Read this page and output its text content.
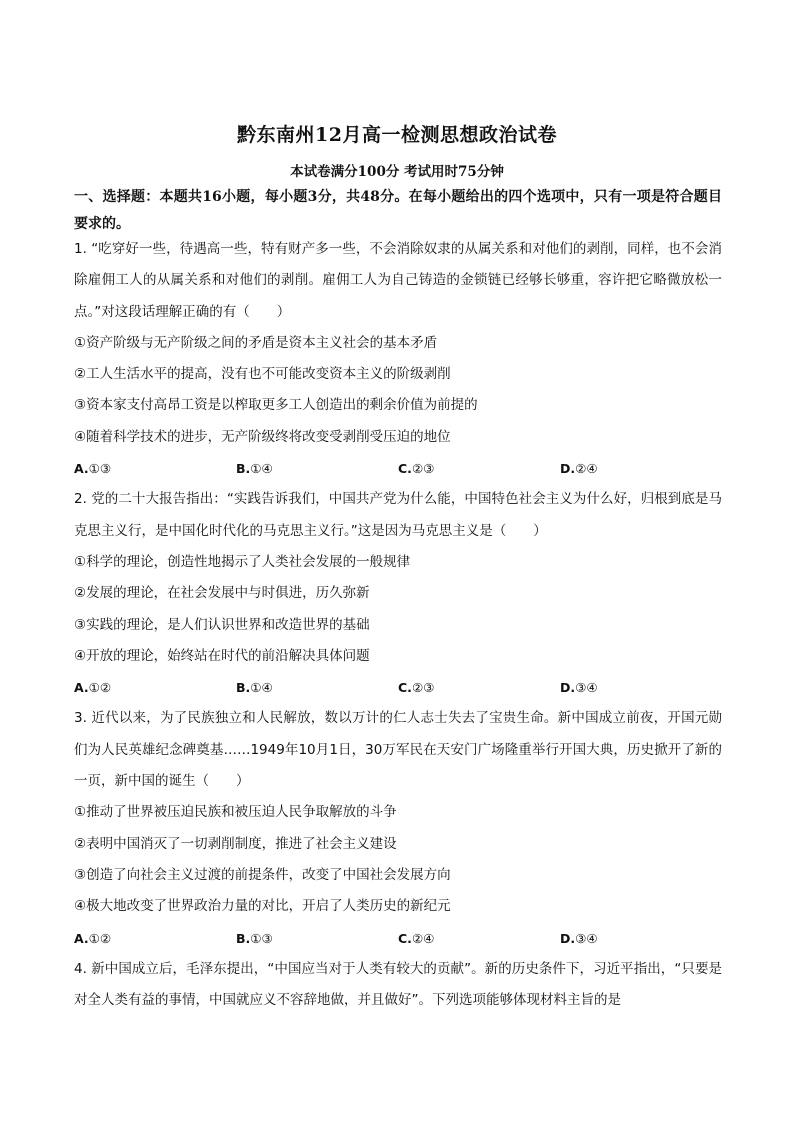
黔东南州12月高一检测思想政治试卷
本试卷满分100分 考试用时75分钟
一、选择题：本题共16小题，每小题3分，共48分。在每小题给出的四个选项中，只有一项是符合题目要求的。

1. “吃穿好一些，待遇高一些，特有财产多一些，不会消除奴隶的从属关系和对他们的剥削，同样，也不会消除雇佣工人的从属关系和对他们的剥削。雇佣工人为自己铸造的金锁链已经够长够重，容许把它略微放松一点。”对这段话理解正确的有（　　）

①资产阶级与无产阶级之间的矛盾是资本主义社会的基本矛盾

②工人生活水平的提高，没有也不可能改变资本主义的阶级剥削

③资本家支付高昂工资是以榨取更多工人创造出的剩余价值为前提的

④随着科学技术的进步，无产阶级终将改变受剥削受压迫的地位

A.①③	B.①④	C.②③	D.②④

2. 党的二十大报告指出：“实践告诉我们，中国共产党为什么能，中国特色社会主义为什么好，归根到底是马克思主义行，是中国化时代化的马克思主义行。”这是因为马克思主义是（　　）

①科学的理论，创造性地揭示了人类社会发展的一般规律

②发展的理论，在社会发展中与时俱进，历久弥新

③实践的理论，是人们认识世界和改造世界的基础

④开放的理论，始终站在时代的前沿解决具体问题

A.①②	B.①④	C.②③	D.③④

3. 近代以来，为了民族独立和人民解放，数以万计的仁人志士失去了宝贵生命。新中国成立前夜，开国元勋们为人民英雄纪念碑奠基……1949年10月1日，30万军民在天安门广场隆重举行开国大典，历史掀开了新的一页，新中国的诞生（　　）

①推动了世界被压迫民族和被压迫人民争取解放的斗争

②表明中国消灭了一切剥削制度，推进了社会主义建设

③创造了向社会主义过渡的前提条件，改变了中国社会发展方向

④极大地改变了世界政治力量的对比，开启了人类历史的新纪元

A.①②	B.①③	C.②④	D.③④

4. 新中国成立后，毛泽东提出，“中国应当对于人类有较大的贡献”。新的历史条件下，习近平指出，“只要是对全人类有益的事情，中国就应义不容辞地做，并且做好”。下列选项能够体现材料主旨的是
